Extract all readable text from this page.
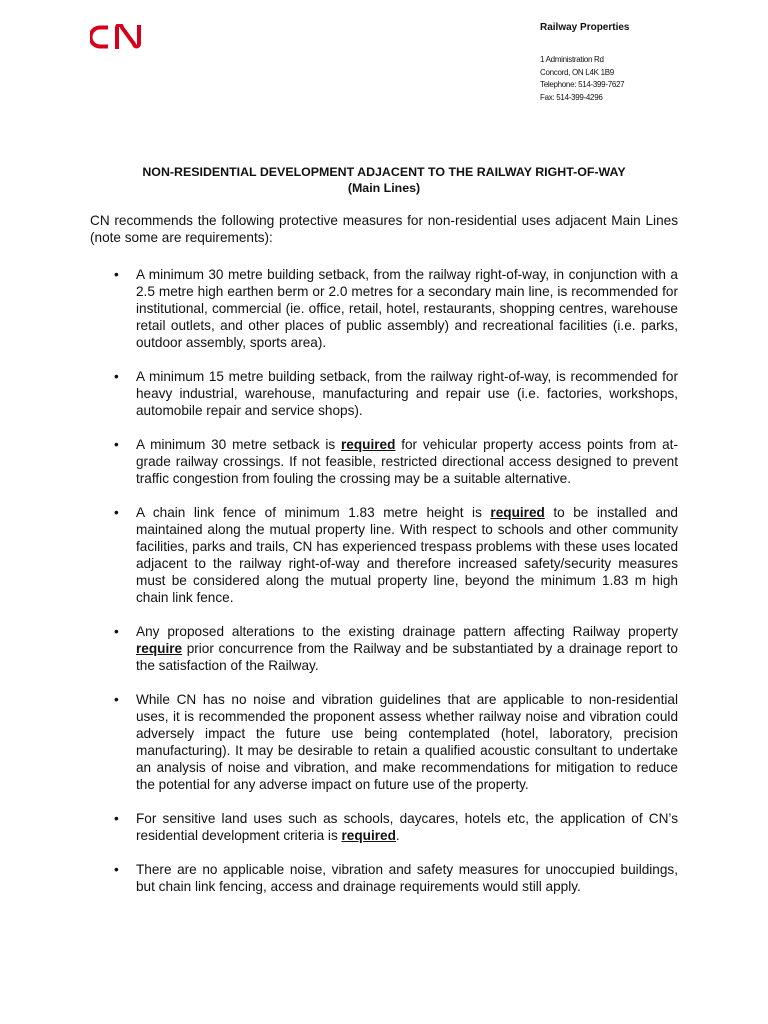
Railway Properties
1 Administration Rd
Concord, ON L4K 1B9
Telephone: 514-399-7627
Fax: 514-399-4296
NON-RESIDENTIAL DEVELOPMENT ADJACENT TO THE RAILWAY RIGHT-OF-WAY
(Main Lines)
CN recommends the following protective measures for non-residential uses adjacent Main Lines (note some are requirements):
• A minimum 30 metre building setback, from the railway right-of-way, in conjunction with a 2.5 metre high earthen berm or 2.0 metres for a secondary main line, is recommended for institutional, commercial (ie. office, retail, hotel, restaurants, shopping centres, warehouse retail outlets, and other places of public assembly) and recreational facilities (i.e. parks, outdoor assembly, sports area).
• A minimum 15 metre building setback, from the railway right-of-way, is recommended for heavy industrial, warehouse, manufacturing and repair use (i.e. factories, workshops, automobile repair and service shops).
• A minimum 30 metre setback is required for vehicular property access points from at-grade railway crossings. If not feasible, restricted directional access designed to prevent traffic congestion from fouling the crossing may be a suitable alternative.
• A chain link fence of minimum 1.83 metre height is required to be installed and maintained along the mutual property line. With respect to schools and other community facilities, parks and trails, CN has experienced trespass problems with these uses located adjacent to the railway right-of-way and therefore increased safety/security measures must be considered along the mutual property line, beyond the minimum 1.83 m high chain link fence.
• Any proposed alterations to the existing drainage pattern affecting Railway property require prior concurrence from the Railway and be substantiated by a drainage report to the satisfaction of the Railway.
• While CN has no noise and vibration guidelines that are applicable to non-residential uses, it is recommended the proponent assess whether railway noise and vibration could adversely impact the future use being contemplated (hotel, laboratory, precision manufacturing). It may be desirable to retain a qualified acoustic consultant to undertake an analysis of noise and vibration, and make recommendations for mitigation to reduce the potential for any adverse impact on future use of the property.
• For sensitive land uses such as schools, daycares, hotels etc, the application of CN’s residential development criteria is required.
• There are no applicable noise, vibration and safety measures for unoccupied buildings, but chain link fencing, access and drainage requirements would still apply.
